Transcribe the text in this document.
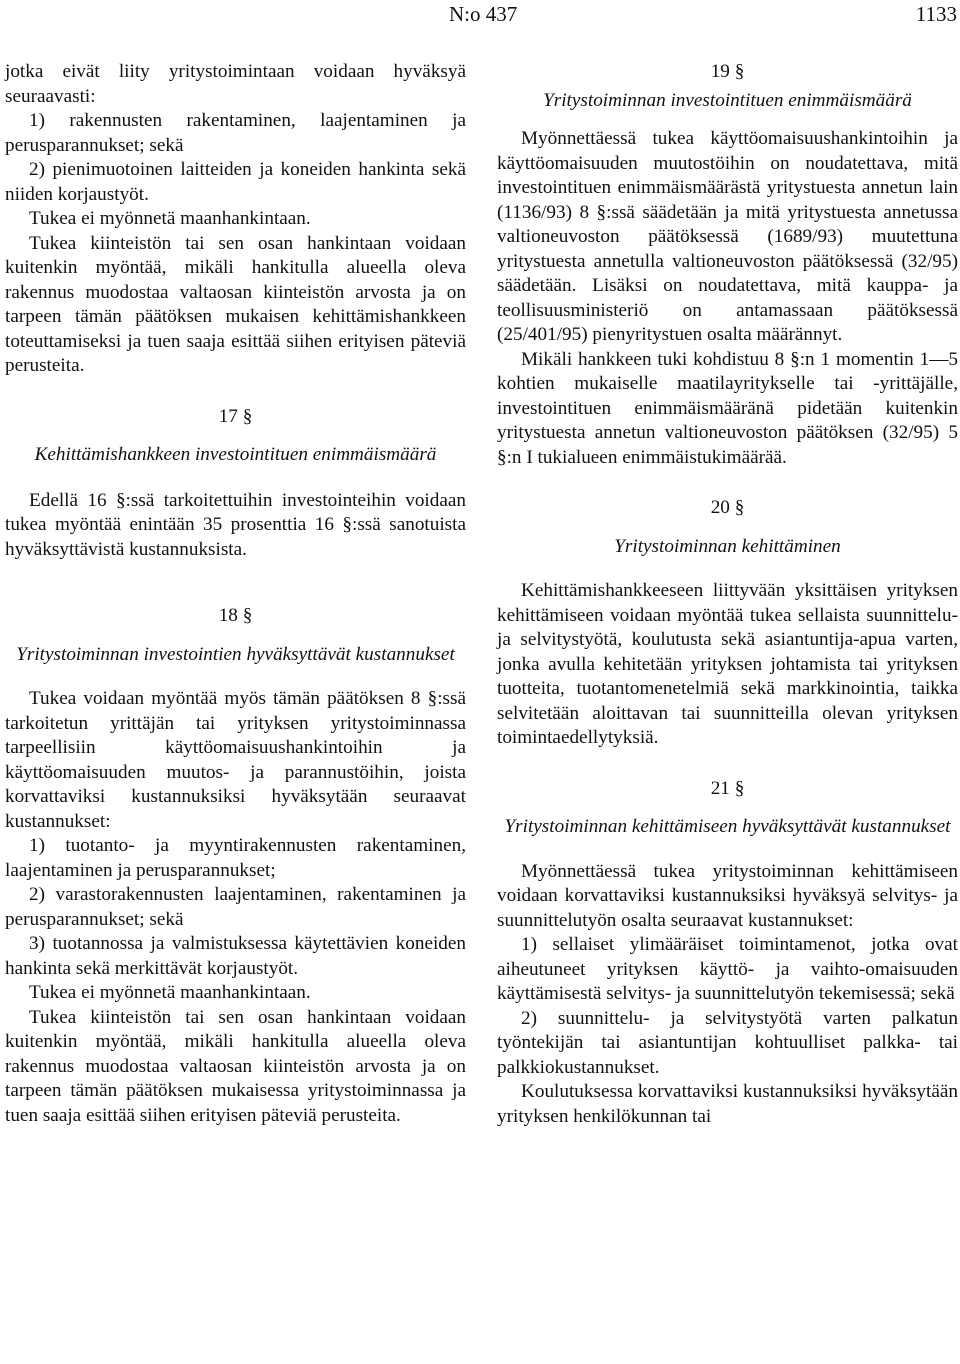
N:o 437	1133

jotka eivät liity yritystoimintaan voidaan hyväksyä seuraavasti:

1) rakennusten rakentaminen, laajentaminen ja perusparannukset; sekä

2) pienimuotoinen laitteiden ja koneiden hankinta sekä niiden korjaustyöt.

Tukea ei myönnetä maanhankintaan.

Tukea kiinteistön tai sen osan hankintaan voidaan kuitenkin myöntää, mikäli hankitulla alueella oleva rakennus muodostaa valtaosan kiinteistön arvosta ja on tarpeen tämän päätöksen mukaisen kehittämishankkeen toteuttamiseksi ja tuen saaja esittää siihen erityisen päteviä perusteita.

17 §
Kehittämishankkeen investointituen enimmäismäärä

Edellä 16 §:ssä tarkoitettuihin investointeihin voidaan tukea myöntää enintään 35 prosenttia 16 §:ssä sanotuista hyväksyttävistä kustannuksista.

18 §
Yritystoiminnan investointien hyväksyttävät kustannukset

Tukea voidaan myöntää myös tämän päätöksen 8 §:ssä tarkoitetun yrittäjän tai yrityksen yritystoiminnassa tarpeellisiin käyttöomaisuushankintoihin ja käyttöomaisuuden muutos- ja parannustöihin, joista korvattaviksi kustannuksiksi hyväksytään seuraavat kustannukset:

1) tuotanto- ja myyntirakennusten rakentaminen, laajentaminen ja perusparannukset;

2) varastorakennusten laajentaminen, rakentaminen ja perusparannukset; sekä

3) tuotannossa ja valmistuksessa käytettävien koneiden hankinta sekä merkittävät korjaustyöt.

Tukea ei myönnetä maanhankintaan.

Tukea kiinteistön tai sen osan hankintaan voidaan kuitenkin myöntää, mikäli hankitulla alueella oleva rakennus muodostaa valtaosan kiinteistön arvosta ja on tarpeen tämän päätöksen mukaisessa yritystoiminnassa ja tuen saaja esittää siihen erityisen päteviä perusteita.

19 §
Yritystoiminnan investointituen enimmäismäärä

Myönnettäessä tukea käyttöomaisuushankintoihin ja käyttöomaisuuden muutostöihin on noudatettava, mitä investointituen enimmäismäärästä yritystuesta annetun lain (1136/93) 8 §:ssä säädetään ja mitä yritystuesta annetussa valtioneuvoston päätöksessä (1689/93) muutettuna yritystuesta annetulla valtioneuvoston päätöksessä (32/95) säädetään. Lisäksi on noudatettava, mitä kauppa- ja teollisuusministeriö on antamassaan päätöksessä (25/401/95) pienyritystuen osalta määrännyt.

Mikäli hankkeen tuki kohdistuu 8 §:n 1 momentin 1—5 kohtien mukaiselle maatilayritykselle tai -yrittäjälle, investointituen enimmäismääränä pidetään kuitenkin yritystuesta annetun valtioneuvoston päätöksen (32/95) 5 §:n I tukialueen enimmäistukimäärää.

20 §
Yritystoiminnan kehittäminen

Kehittämishankkeeseen liittyvään yksittäisen yrityksen kehittämiseen voidaan myöntää tukea sellaista suunnittelu- ja selvitystyötä, koulutusta sekä asiantuntija-apua varten, jonka avulla kehitetään yrityksen johtamista tai yrityksen tuotteita, tuotantomenetelmiä sekä markkinointia, taikka selvitetään aloittavan tai suunnitteilla olevan yrityksen toimintaedellytyksiä.

21 §
Yritystoiminnan kehittämiseen hyväksyttävät kustannukset

Myönnettäessä tukea yritystoiminnan kehittämiseen voidaan korvattaviksi kustannuksiksi hyväksyä selvitys- ja suunnittelutyön osalta seuraavat kustannukset:

1) sellaiset ylimääräiset toimintamenot, jotka ovat aiheutuneet yrityksen käyttö- ja vaihto-omaisuuden käyttämisestä selvitys- ja suunnittelutyön tekemisessä; sekä

2) suunnittelu- ja selvitystyötä varten palkatun työntekijän tai asiantuntijan kohtuulliset palkka- tai palkkiokustannukset.

Koulutuksessa korvattaviksi kustannuksiksi hyväksytään yrityksen henkilökunnan tai
